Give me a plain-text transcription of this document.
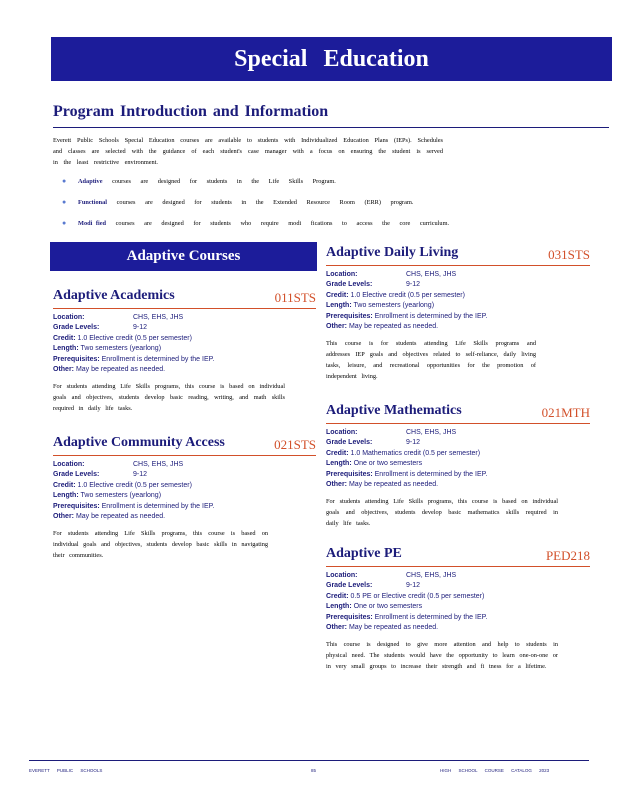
Special Education
Program Introduction and Information
Everett Public Schools Special Education courses are available to students with Individualized Education Plans (IEPs). Schedules and classes are selected with the guidance of each student's case manager with a focus on ensuring the student is served in the least restrictive environment.
● Adaptive courses are designed for students in the Life Skills Program.
● Functional courses are designed for students in the Extended Resource Room (ERR) program.
● Modi fied courses are designed for students who require modi fications to access the core curriculum.
Adaptive Courses
Adaptive Academics	011STS
Location:	CHS, EHS, JHS
Grade Levels:	9-12
Credit: 1.0 Elective credit (0.5 per semester)
Length: Two semesters (yearlong)
Prerequisites: Enrollment is determined by the IEP.
Other: May be repeated as needed.
For students attending Life Skills programs, this course is based on individual goals and objectives, students develop basic reading, writing, and math skills required in daily life tasks.
Adaptive Community Access	021STS
Location:	CHS, EHS, JHS
Grade Levels:	9-12
Credit: 1.0 Elective credit (0.5 per semester)
Length: Two semesters (yearlong)
Prerequisites: Enrollment is determined by the IEP.
Other: May be repeated as needed.
For students attending Life Skills programs, this course is based on individual goals and objectives, students develop basic skills in navigating their communities.
Adaptive Daily Living	031STS
Location:	CHS, EHS, JHS
Grade Levels:	9-12
Credit: 1.0 Elective credit (0.5 per semester)
Length: Two semesters (yearlong)
Prerequisites: Enrollment is determined by the IEP.
Other: May be repeated as needed.
This course is for students attending Life Skills programs and addresses IEP goals and objectives related to self-reliance, daily living tasks, leisure, and recreational opportunities for the promotion of independent living.
Adaptive Mathematics	021MTH
Location:	CHS, EHS, JHS
Grade Levels:	9-12
Credit: 1.0 Mathematics credit (0.5 per semester)
Length: One or two semesters
Prerequisites: Enrollment is determined by the IEP.
Other: May be repeated as needed.
For students attending Life Skills programs, this course is based on individual goals and objectives, students develop basic mathematics skills required in daily life tasks.
Adaptive PE	PED218
Location:	CHS, EHS, JHS
Grade Levels:	9-12
Credit: 0.5 PE or Elective credit (0.5 per semester)
Length: One or two semesters
Prerequisites: Enrollment is determined by the IEP.
Other: May be repeated as needed.
This course is designed to give more attention and help to students in physical need. The students would have the opportunity to learn one-on-one or in very small groups to increase their strength and fi tness for a lifetime.
EVERETT PUBLIC SCHOOLS	85	HIGH SCHOOL COURSE CATALOG 2023
